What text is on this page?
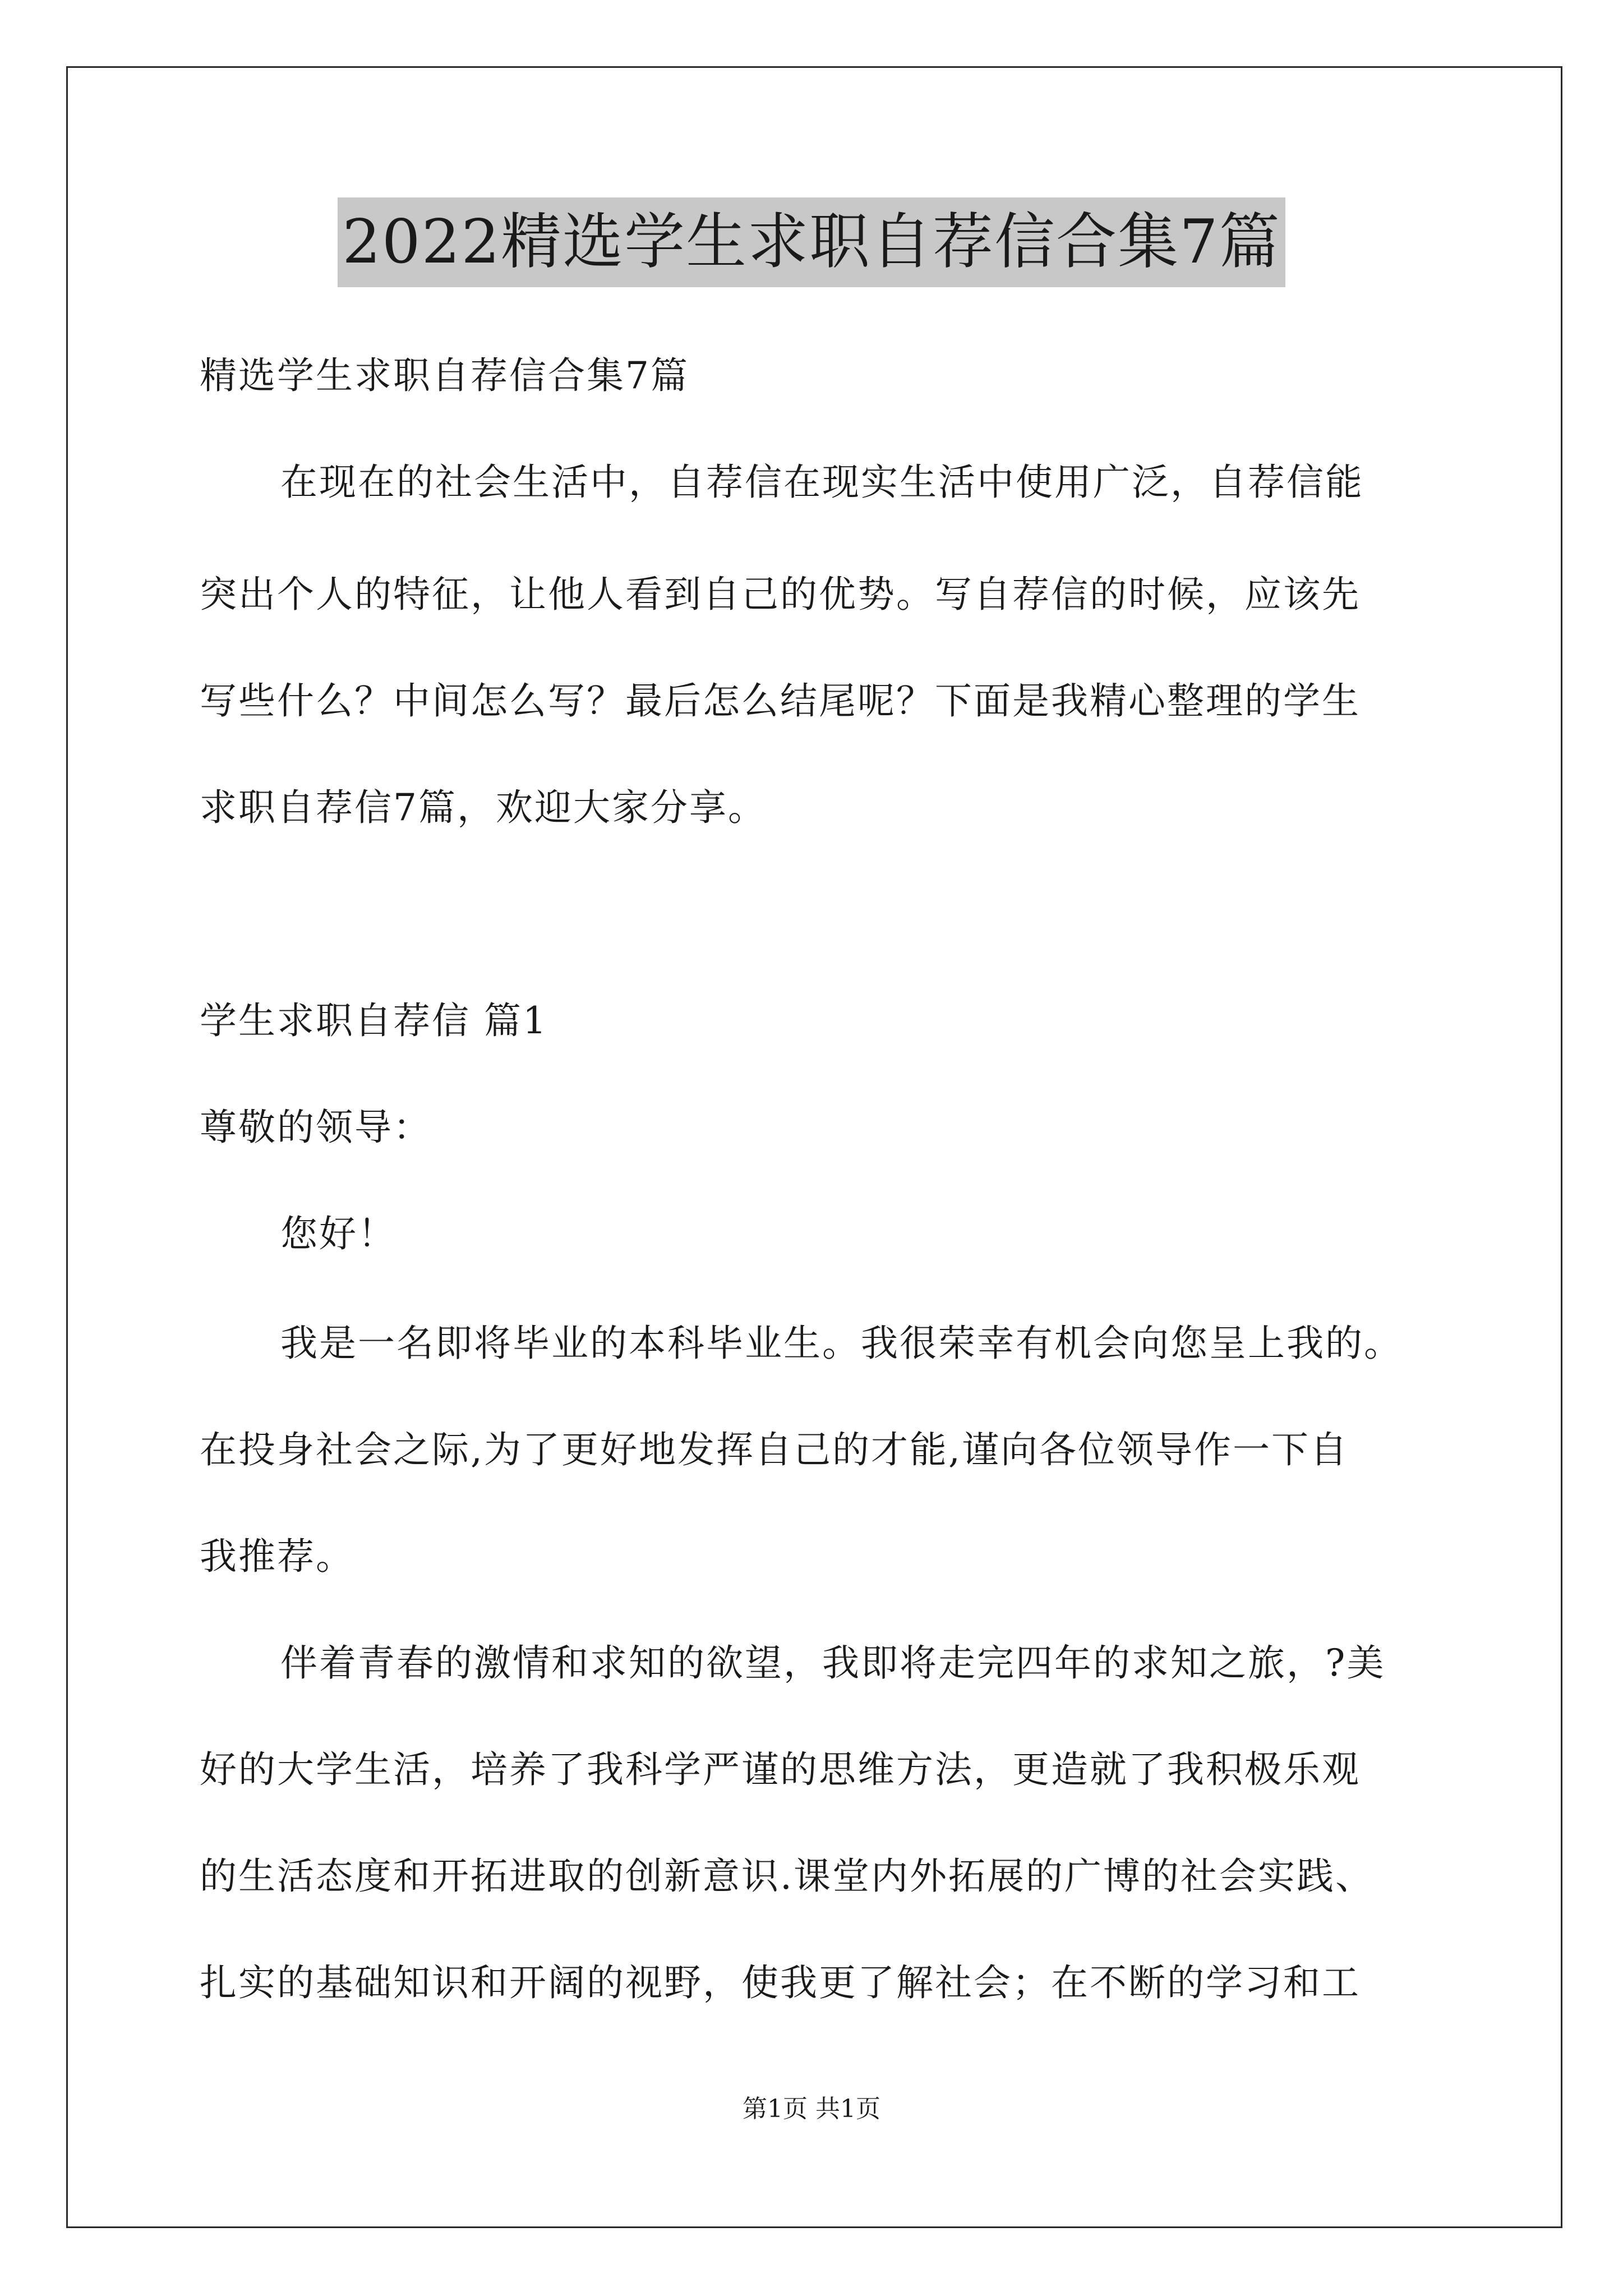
2022精选学生求职自荐信合集7篇
精选学生求职自荐信合集7篇
在现在的社会生活中，自荐信在现实生活中使用广泛，自荐信能
突出个人的特征，让他人看到自己的优势。写自荐信的时候，应该先
写些什么？中间怎么写？最后怎么结尾呢？下面是我精心整理的学生
求职自荐信7篇，欢迎大家分享。
学生求职自荐信 篇1
尊敬的领导：
您好！
我是一名即将毕业的本科毕业生。我很荣幸有机会向您呈上我的。
在投身社会之际,为了更好地发挥自己的才能,谨向各位领导作一下自
我推荐。
伴着青春的激情和求知的欲望，我即将走完四年的求知之旅，?美
好的大学生活，培养了我科学严谨的思维方法，更造就了我积极乐观
的生活态度和开拓进取的创新意识.课堂内外拓展的广博的社会实践、
扎实的基础知识和开阔的视野，使我更了解社会；在不断的学习和工
第1页 共1页
